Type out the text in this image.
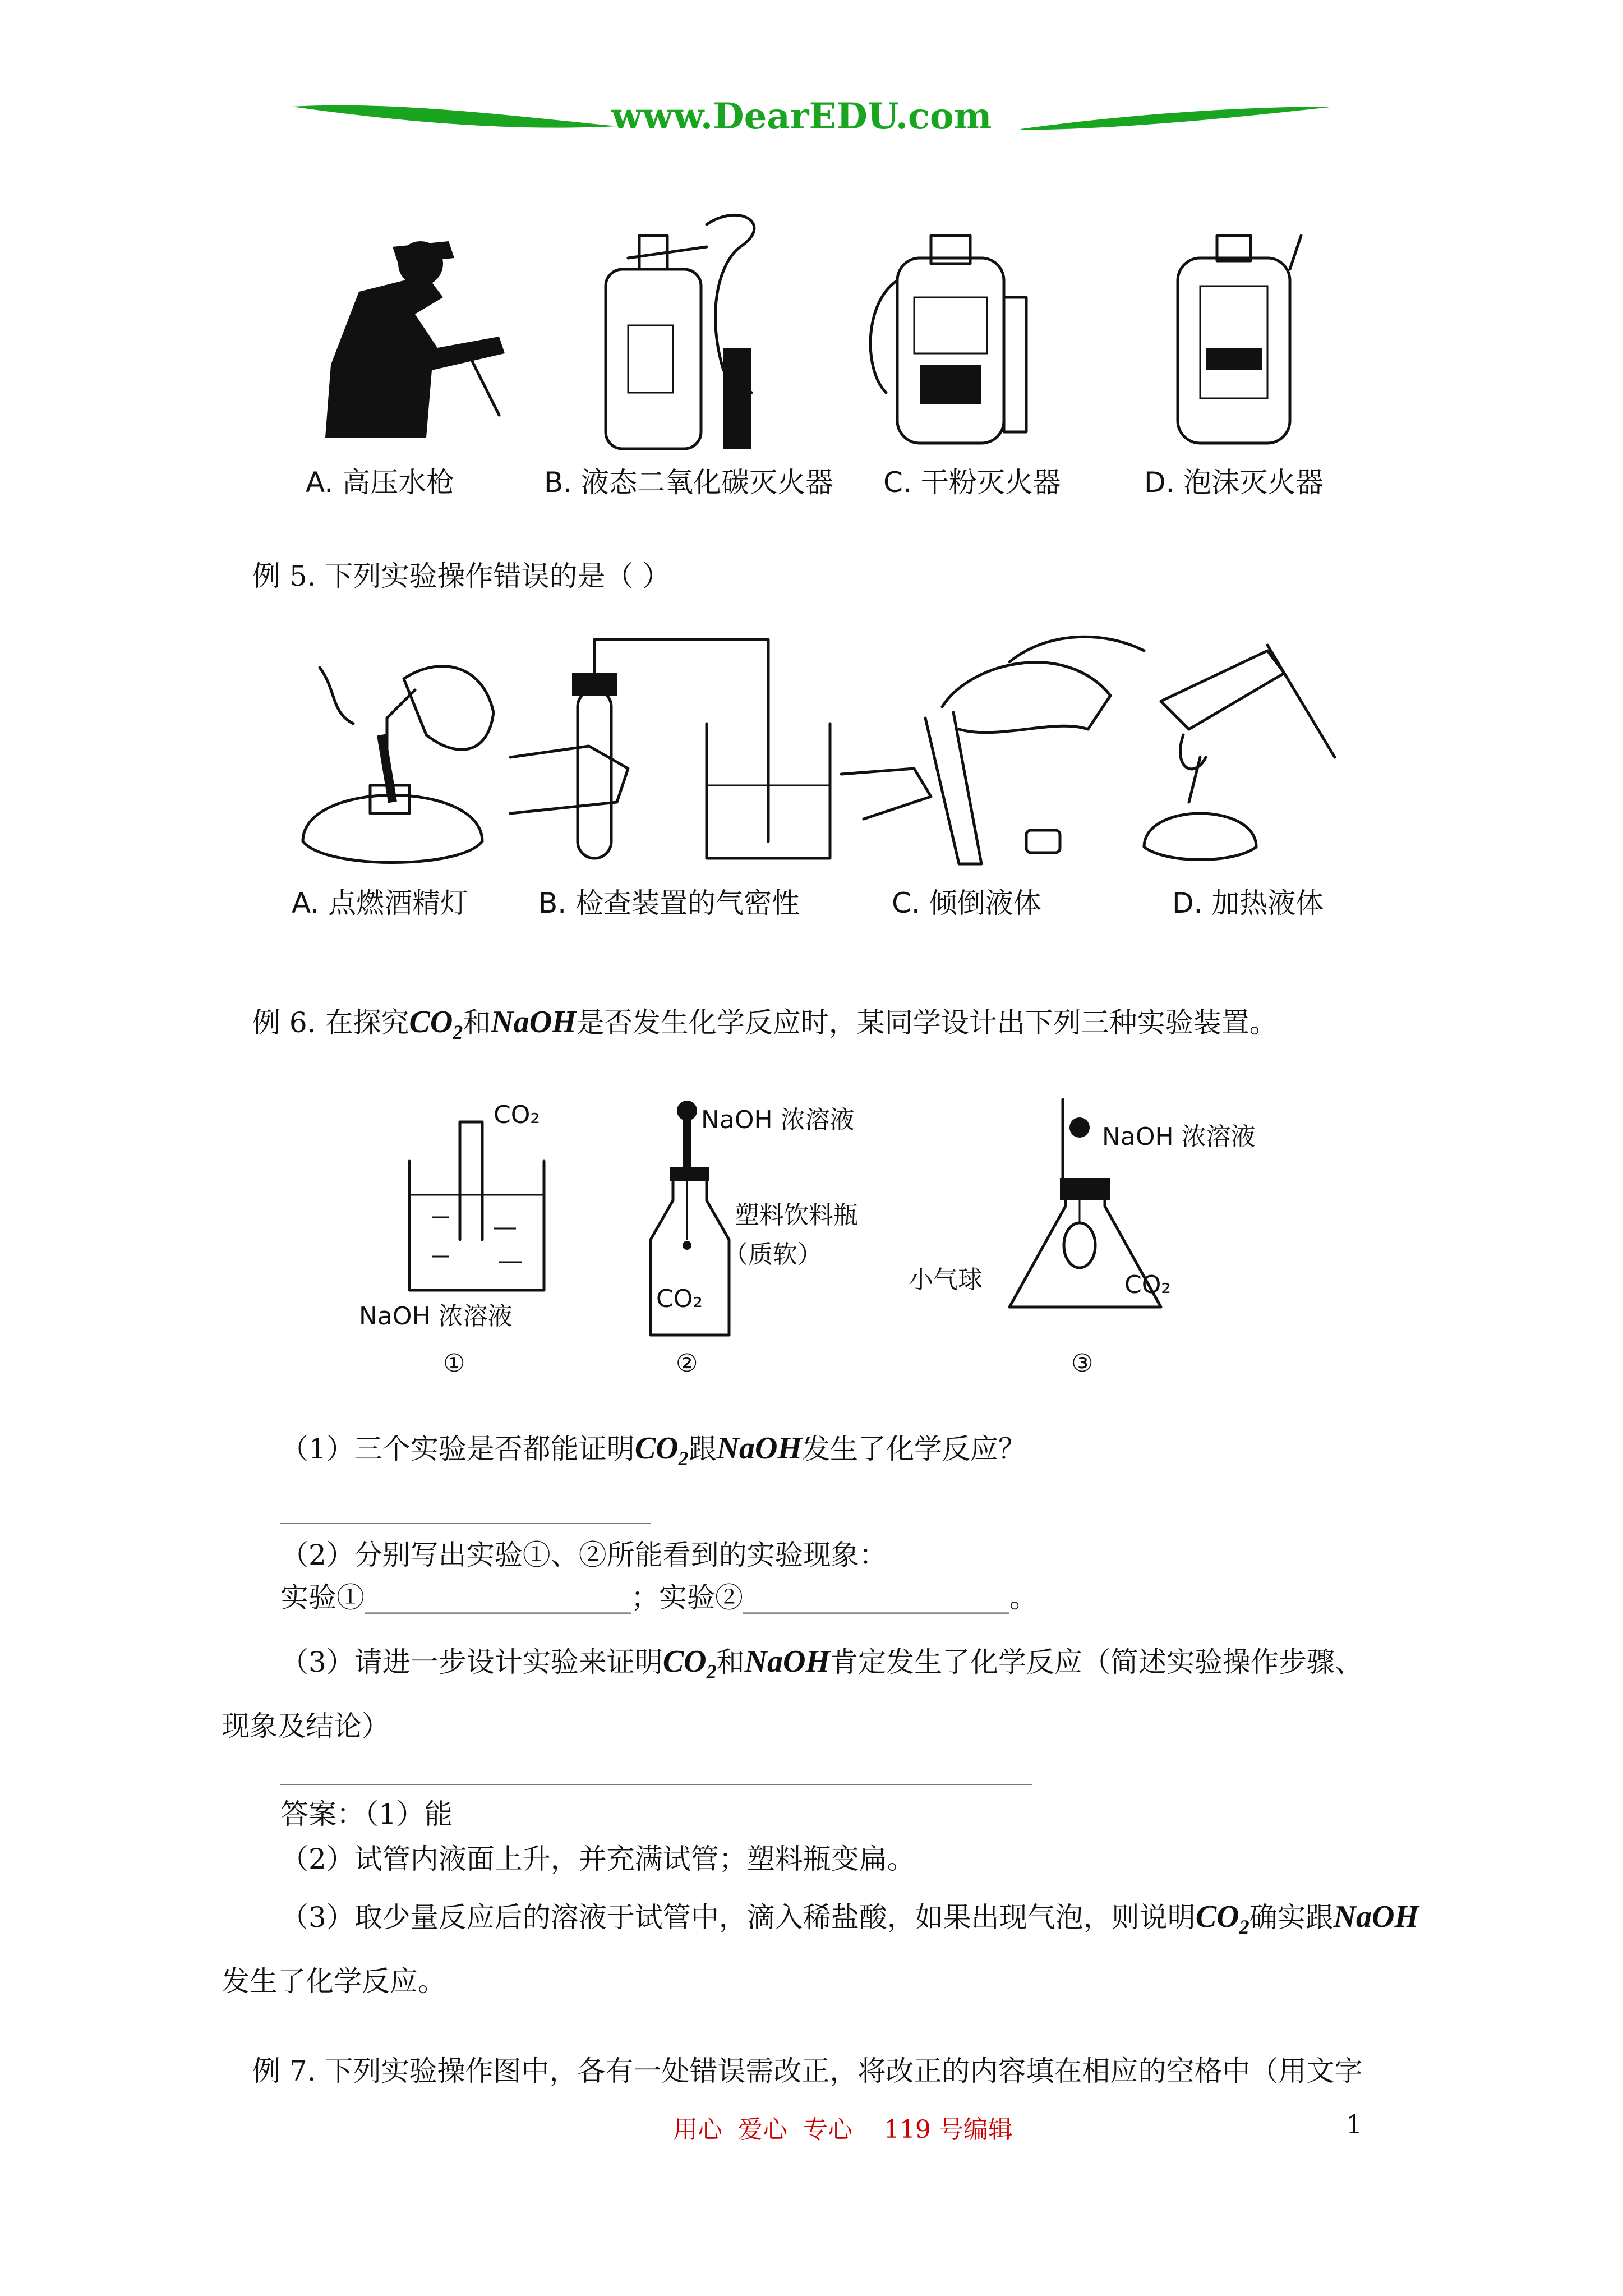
www.DearEDU.com
A. 高压水枪	B. 液态二氧化碳灭火器 C. 干粉灭火器	D. 泡沫灭火器
例 5. 下列实验操作错误的是（ ）
A. 点燃酒精灯 B. 检查装置的气密性	C. 倾倒液体	D. 加热液体
例 6. 在探究$CO_2$和NaOH是否发生化学反应时，某同学设计出下列三种实验装置。
CO₂
NaOH 浓溶液
①
NaOH 浓溶液
塑料饮料瓶
（质软）
CO₂
②
NaOH 浓溶液
小气球	CO₂
③
（1）三个实验是否都能证明$CO_2$跟NaOH发生了化学反应？
（2）分别写出实验①、②所能看到的实验现象：
实验①___________________；实验②___________________。
（3）请进一步设计实验来证明$CO_2$和NaOH肯定发生了化学反应（简述实验操作步骤、
现象及结论）
答案：（1）能
（2）试管内液面上升，并充满试管；塑料瓶变扁。
（3）取少量反应后的溶液于试管中，滴入稀盐酸，如果出现气泡，则说明$CO_2$确实跟NaOH
发生了化学反应。
例 7. 下列实验操作图中，各有一处错误需改正，将改正的内容填在相应的空格中（用文字
用心  爱心  专心    119 号编辑	1
